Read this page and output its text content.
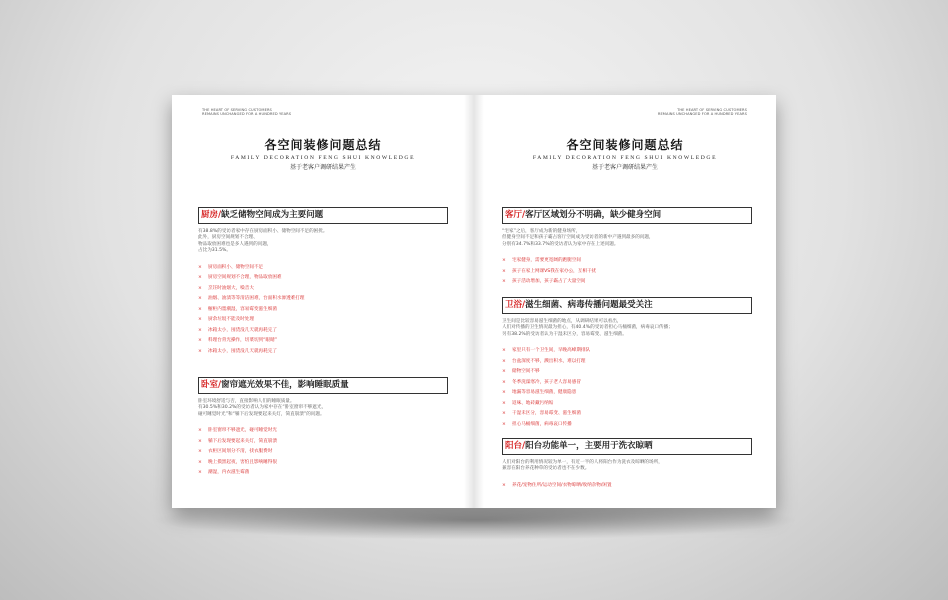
THE HEART OF SERVING CUSTOMERS
REMAINS UNCHANGED FOR A HUNDRED YEARS
各空间装修问题总结
FAMILY DECORATION FENG SHUI KNOWLEDGE
基于老客户调研结果产生
厨房/缺乏储物空间成为主要问题
有38.8%的受访者家中存在厨房面积小、储物空间不足的困扰。
此外，厨房空间规划不合理、
物品取放困难也是多人遇到的问题，
占比为31.5%。
× 厨房面积小、储物空间不足
× 厨房空间规划不合理，物品取放困难
× 烹饪时油烟大，噪音大
× 油烟、油渍等等清洁困难，台面积水渗透难打理
× 橱柜内墨潮湿，容易霉变滋生细菌
× 厨余垃圾不能及时处理
× 冰箱太小，囤货没几天就再耗完了
× 料理台背光操作，切菜切到“眼睛”
× 冰箱太小，囤货没几天就再耗完了
卧室/窗帘遮光效果不佳，影响睡眠质量
卧室环境舒适与否，直接影响人们的睡眠质量。
有30.5%和30.2%的受访者认为家中存在“卧室窗帘不够遮光，
碰可睡觉时光”和“躺下后发现要起来关灯，简直崩溃”的问题。
× 卧室窗帘不够遮光，碰可睡觉时光
× 躺下后发现要起来关灯，简直崩溃
× 衣柜区间划分不清，找衣服费时
× 晚上摸黑起夜，害怕且影响睡得很
× 潮湿，内衣滋生霉菌
THE HEART OF SERVING CUSTOMERS
REMAINS UNCHANGED FOR A HUNDRED YEARS
各空间装修问题总结
FAMILY DECORATION FENG SHUI KNOWLEDGE
基于老客户调研结果产生
客厅/客厅区域划分不明确，缺少健身空间
“宅家”之后，客厅成为新的健身场所，
但健身空间不足和孩子霸占客厅空间成为受访者的新中产遇到最多的问题，
分别有34.7%和33.7%的受访者认为家中存在上述问题。
× 宅家健身，需要更宽阔的跑腿空间
× 孩子在家上网课VS我在家办公，互相干扰
× 孩子活动增加，孩子霸占了大量空间
卫浴/滋生细菌、病毒传播问题最受关注
卫生间是比较容易滋生细菌的地点，从调研结果可以看出，
人们对传播的卫生情况最为担心，有40.4%的受访者担心马桶细菌，病毒哀口传播；
另有38.2%的受访者认为干湿未区分，容易霉变、滋生细菌。
× 家里只有一个卫生间，早晚高峰期排队
× 台盆深度不够，溅出积水，难以打理
× 储物空间不够
× 冬季洗澡寒冷，孩子老人容易感冒
× 地漏等容易滋生细菌，健康隐患
× 返味、地砖藏污纳垢
× 干湿未区分，容易霉变、滋生细菌
× 担心马桶细菌，病毒哀口传播
阳台/阳台功能单一，主要用于洗衣晾晒
人们对阳台的利用情况较为单一，有近一半的人将阳台作为洗衣及晾晒的场所，
兼容在阳台养花种草的受访者也不在少数。
× 养花/宠物住所/运动空间/衣物晾晒/收纳杂物/闲置
